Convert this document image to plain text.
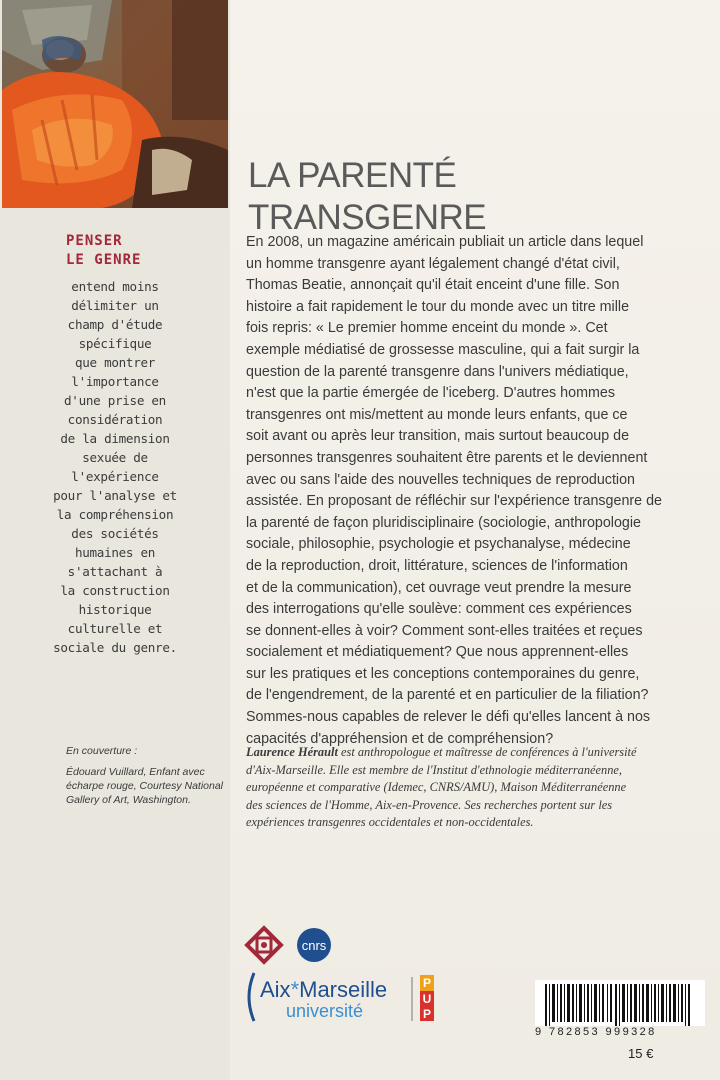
LA PARENTÉ
TRANSGENRE
PENSER
LE GENRE
entend moins
délimiter un
champ d'étude
spécifique
que montrer
l'importance
d'une prise en
considération
de la dimension
sexuée de
l'expérience
pour l'analyse et
la compréhension
des sociétés
humaines en
s'attachant à
la construction
historique
culturelle et
sociale du genre.
En 2008, un magazine américain publiait un article dans lequel
un homme transgenre ayant légalement changé d'état civil,
Thomas Beatie, annonçait qu'il était enceint d'une fille. Son
histoire a fait rapidement le tour du monde avec un titre mille
fois repris: « Le premier homme enceint du monde ». Cet
exemple médiatisé de grossesse masculine, qui a fait surgir la
question de la parenté transgenre dans l'univers médiatique,
n'est que la partie émergée de l'iceberg. D'autres hommes
transgenres ont mis/mettent au monde leurs enfants, que ce
soit avant ou après leur transition, mais surtout beaucoup de
personnes transgenres souhaitent être parents et le deviennent
avec ou sans l'aide des nouvelles techniques de reproduction
assistée. En proposant de réfléchir sur l'expérience transgenre de
la parenté de façon pluridisciplinaire (sociologie, anthropologie
sociale, philosophie, psychologie et psychanalyse, médecine
de la reproduction, droit, littérature, sciences de l'information
et de la communication), cet ouvrage veut prendre la mesure
des interrogations qu'elle soulève: comment ces expériences
se donnent-elles à voir? Comment sont-elles traitées et reçues
socialement et médiatiquement? Que nous apprennent-elles
sur les pratiques et les conceptions contemporaines du genre,
de l'engendrement, de la parenté et en particulier de la filiation?
Sommes-nous capables de relever le défi qu'elles lancent à nos
capacités d'appréhension et de compréhension?
Laurence Hérault est anthropologue et maîtresse de conférences à l'université
d'Aix-Marseille. Elle est membre de l'Institut d'ethnologie méditerranéenne,
européenne et comparative (Idemec, CNRS/AMU), Maison Méditerranéenne
des sciences de l'Homme, Aix-en-Provence. Ses recherches portent sur les
expériences transgenres occidentales et non-occidentales.
En couverture :
Édouard Vuillard, Enfant avec
écharpe rouge, Courtesy National
Gallery of Art, Washington.
cnrs
Aix*Marseille
université
P
U
P
9 782853 999328
15 €
